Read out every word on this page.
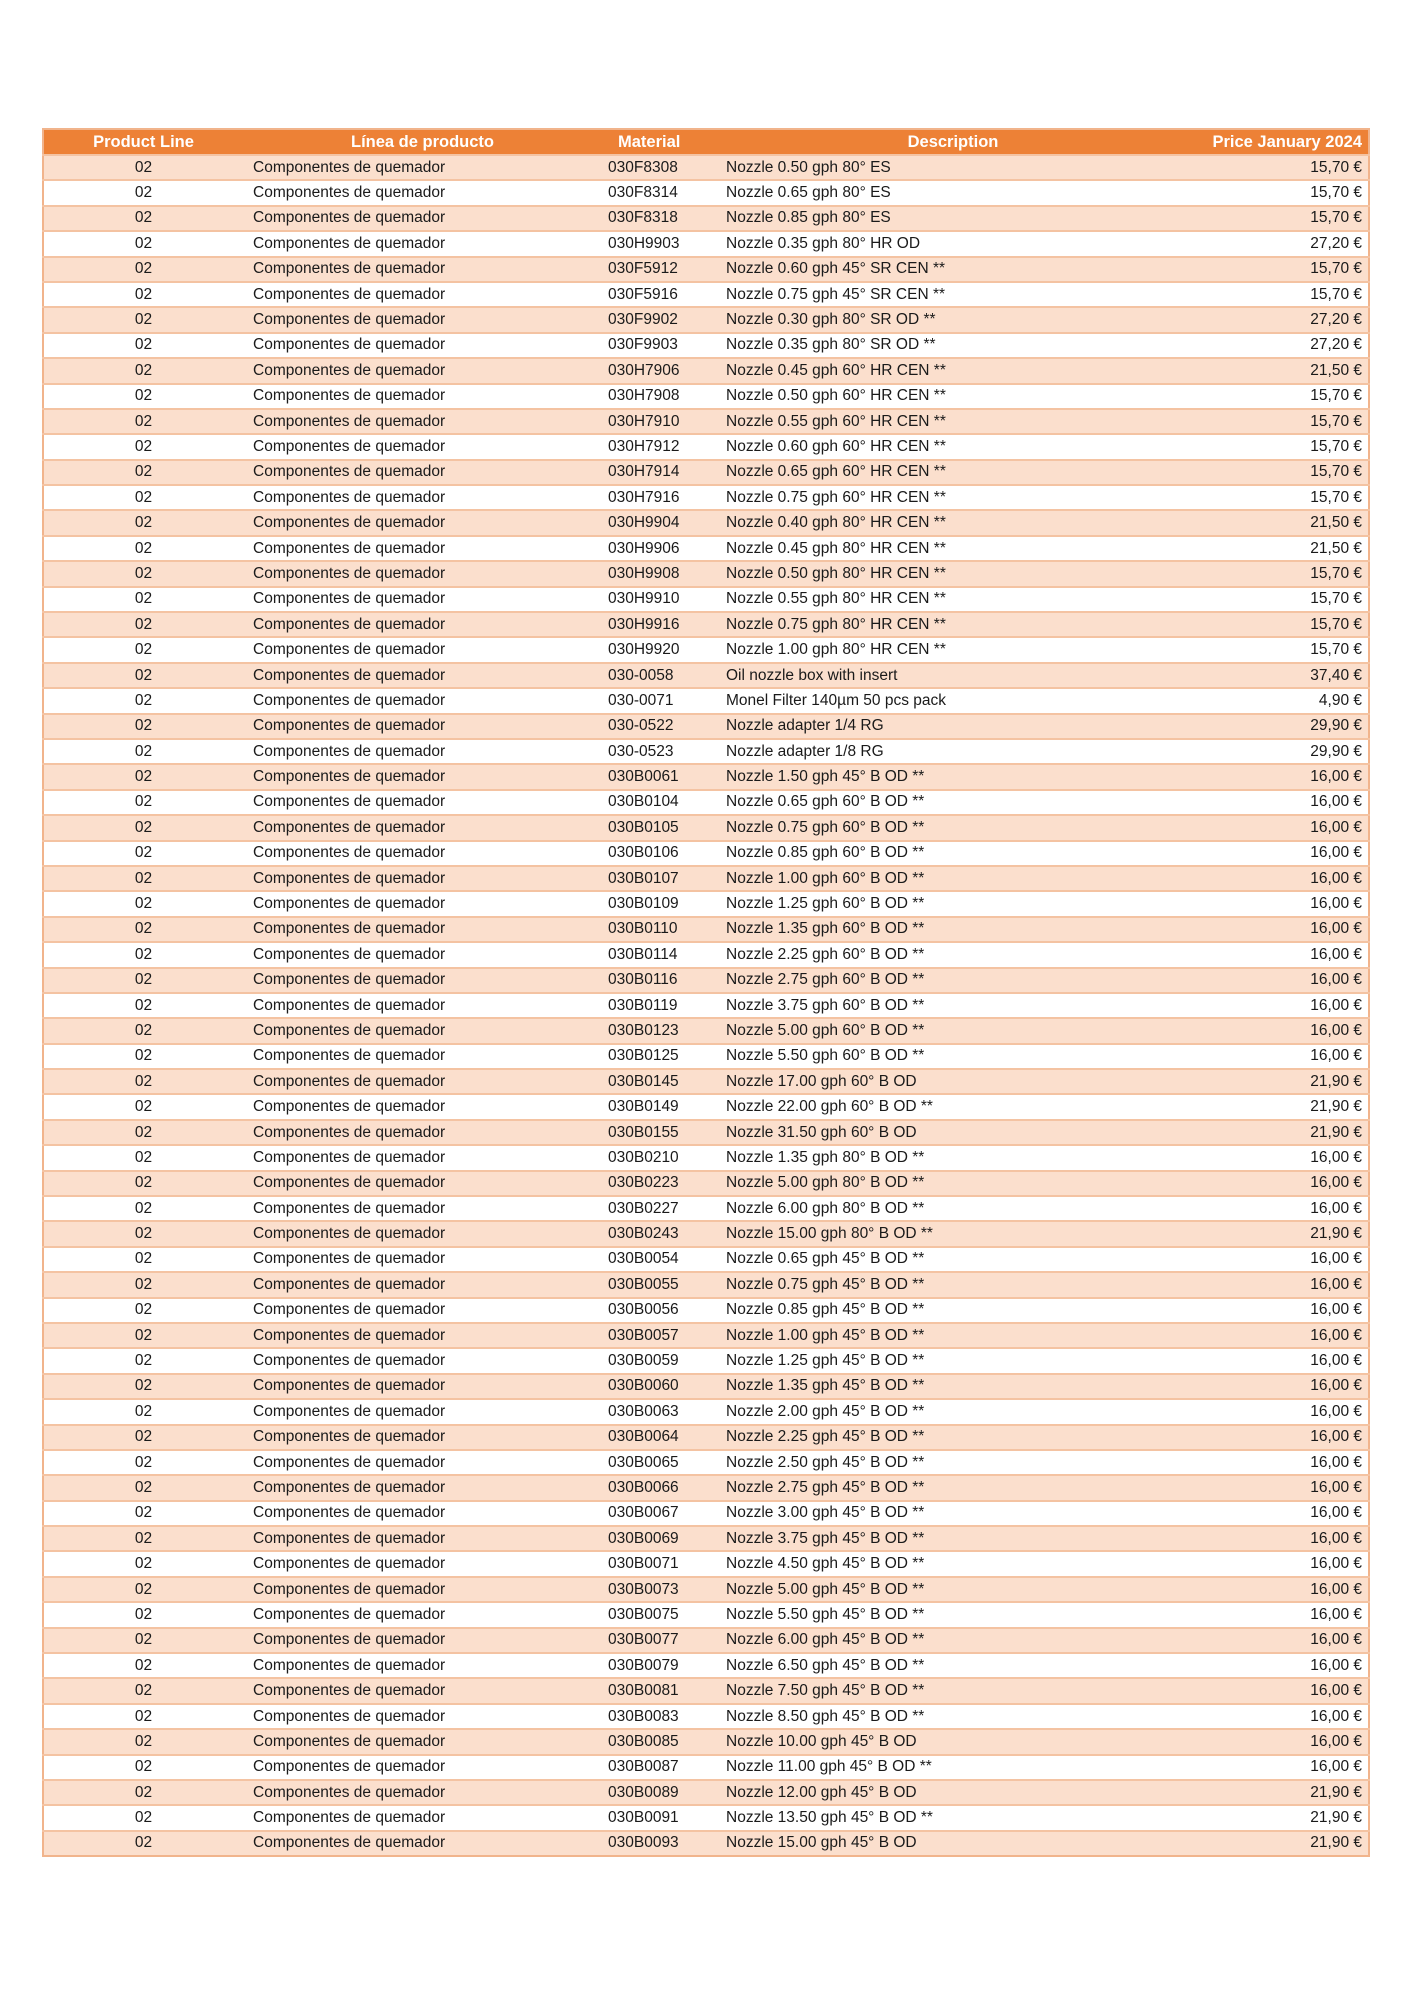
Product Line	Línea de producto	Material	Description	Price January 2024
02	Componentes de quemador	030F8308	Nozzle 0.50 gph 80° ES	15,70 €
02	Componentes de quemador	030F8314	Nozzle 0.65 gph 80° ES	15,70 €
02	Componentes de quemador	030F8318	Nozzle 0.85 gph 80° ES	15,70 €
02	Componentes de quemador	030H9903	Nozzle 0.35 gph 80° HR OD	27,20 €
02	Componentes de quemador	030F5912	Nozzle 0.60 gph 45° SR CEN **	15,70 €
02	Componentes de quemador	030F5916	Nozzle 0.75 gph 45° SR CEN **	15,70 €
02	Componentes de quemador	030F9902	Nozzle 0.30 gph 80° SR OD **	27,20 €
02	Componentes de quemador	030F9903	Nozzle 0.35 gph 80° SR OD **	27,20 €
02	Componentes de quemador	030H7906	Nozzle 0.45 gph 60° HR CEN **	21,50 €
02	Componentes de quemador	030H7908	Nozzle 0.50 gph 60° HR CEN **	15,70 €
02	Componentes de quemador	030H7910	Nozzle 0.55 gph 60° HR CEN **	15,70 €
02	Componentes de quemador	030H7912	Nozzle 0.60 gph 60° HR CEN **	15,70 €
02	Componentes de quemador	030H7914	Nozzle 0.65 gph 60° HR CEN **	15,70 €
02	Componentes de quemador	030H7916	Nozzle 0.75 gph 60° HR CEN **	15,70 €
02	Componentes de quemador	030H9904	Nozzle 0.40 gph 80° HR CEN **	21,50 €
02	Componentes de quemador	030H9906	Nozzle 0.45 gph 80° HR CEN **	21,50 €
02	Componentes de quemador	030H9908	Nozzle 0.50 gph 80° HR CEN **	15,70 €
02	Componentes de quemador	030H9910	Nozzle 0.55 gph 80° HR CEN **	15,70 €
02	Componentes de quemador	030H9916	Nozzle 0.75 gph 80° HR CEN **	15,70 €
02	Componentes de quemador	030H9920	Nozzle 1.00 gph 80° HR CEN **	15,70 €
02	Componentes de quemador	030-0058	Oil nozzle box with insert	37,40 €
02	Componentes de quemador	030-0071	Monel Filter 140µm 50 pcs pack	4,90 €
02	Componentes de quemador	030-0522	Nozzle adapter 1/4 RG	29,90 €
02	Componentes de quemador	030-0523	Nozzle adapter 1/8 RG	29,90 €
02	Componentes de quemador	030B0061	Nozzle 1.50 gph 45° B OD **	16,00 €
02	Componentes de quemador	030B0104	Nozzle 0.65 gph 60° B OD **	16,00 €
02	Componentes de quemador	030B0105	Nozzle 0.75 gph 60° B OD **	16,00 €
02	Componentes de quemador	030B0106	Nozzle 0.85 gph 60° B OD **	16,00 €
02	Componentes de quemador	030B0107	Nozzle 1.00 gph 60° B OD **	16,00 €
02	Componentes de quemador	030B0109	Nozzle 1.25 gph 60° B OD **	16,00 €
02	Componentes de quemador	030B0110	Nozzle 1.35 gph 60° B OD **	16,00 €
02	Componentes de quemador	030B0114	Nozzle 2.25 gph 60° B OD **	16,00 €
02	Componentes de quemador	030B0116	Nozzle 2.75 gph 60° B OD **	16,00 €
02	Componentes de quemador	030B0119	Nozzle 3.75 gph 60° B OD **	16,00 €
02	Componentes de quemador	030B0123	Nozzle 5.00 gph 60° B OD **	16,00 €
02	Componentes de quemador	030B0125	Nozzle 5.50 gph 60° B OD **	16,00 €
02	Componentes de quemador	030B0145	Nozzle 17.00 gph 60° B OD	21,90 €
02	Componentes de quemador	030B0149	Nozzle 22.00 gph 60° B OD **	21,90 €
02	Componentes de quemador	030B0155	Nozzle 31.50 gph 60° B OD	21,90 €
02	Componentes de quemador	030B0210	Nozzle 1.35 gph 80° B OD **	16,00 €
02	Componentes de quemador	030B0223	Nozzle 5.00 gph 80° B OD **	16,00 €
02	Componentes de quemador	030B0227	Nozzle 6.00 gph 80° B OD **	16,00 €
02	Componentes de quemador	030B0243	Nozzle 15.00 gph 80° B OD **	21,90 €
02	Componentes de quemador	030B0054	Nozzle 0.65 gph 45° B OD **	16,00 €
02	Componentes de quemador	030B0055	Nozzle 0.75 gph 45° B OD **	16,00 €
02	Componentes de quemador	030B0056	Nozzle 0.85 gph 45° B OD **	16,00 €
02	Componentes de quemador	030B0057	Nozzle 1.00 gph 45° B OD **	16,00 €
02	Componentes de quemador	030B0059	Nozzle 1.25 gph 45° B OD **	16,00 €
02	Componentes de quemador	030B0060	Nozzle 1.35 gph 45° B OD **	16,00 €
02	Componentes de quemador	030B0063	Nozzle 2.00 gph 45° B OD **	16,00 €
02	Componentes de quemador	030B0064	Nozzle 2.25 gph 45° B OD **	16,00 €
02	Componentes de quemador	030B0065	Nozzle 2.50 gph 45° B OD **	16,00 €
02	Componentes de quemador	030B0066	Nozzle 2.75 gph 45° B OD **	16,00 €
02	Componentes de quemador	030B0067	Nozzle 3.00 gph 45° B OD **	16,00 €
02	Componentes de quemador	030B0069	Nozzle 3.75 gph 45° B OD **	16,00 €
02	Componentes de quemador	030B0071	Nozzle 4.50 gph 45° B OD **	16,00 €
02	Componentes de quemador	030B0073	Nozzle 5.00 gph 45° B OD **	16,00 €
02	Componentes de quemador	030B0075	Nozzle 5.50 gph 45° B OD **	16,00 €
02	Componentes de quemador	030B0077	Nozzle 6.00 gph 45° B OD **	16,00 €
02	Componentes de quemador	030B0079	Nozzle 6.50 gph 45° B OD **	16,00 €
02	Componentes de quemador	030B0081	Nozzle 7.50 gph 45° B OD **	16,00 €
02	Componentes de quemador	030B0083	Nozzle 8.50 gph 45° B OD **	16,00 €
02	Componentes de quemador	030B0085	Nozzle 10.00 gph 45° B OD	16,00 €
02	Componentes de quemador	030B0087	Nozzle 11.00 gph 45° B OD **	16,00 €
02	Componentes de quemador	030B0089	Nozzle 12.00 gph 45° B OD	21,90 €
02	Componentes de quemador	030B0091	Nozzle 13.50 gph 45° B OD **	21,90 €
02	Componentes de quemador	030B0093	Nozzle 15.00 gph 45° B OD	21,90 €
